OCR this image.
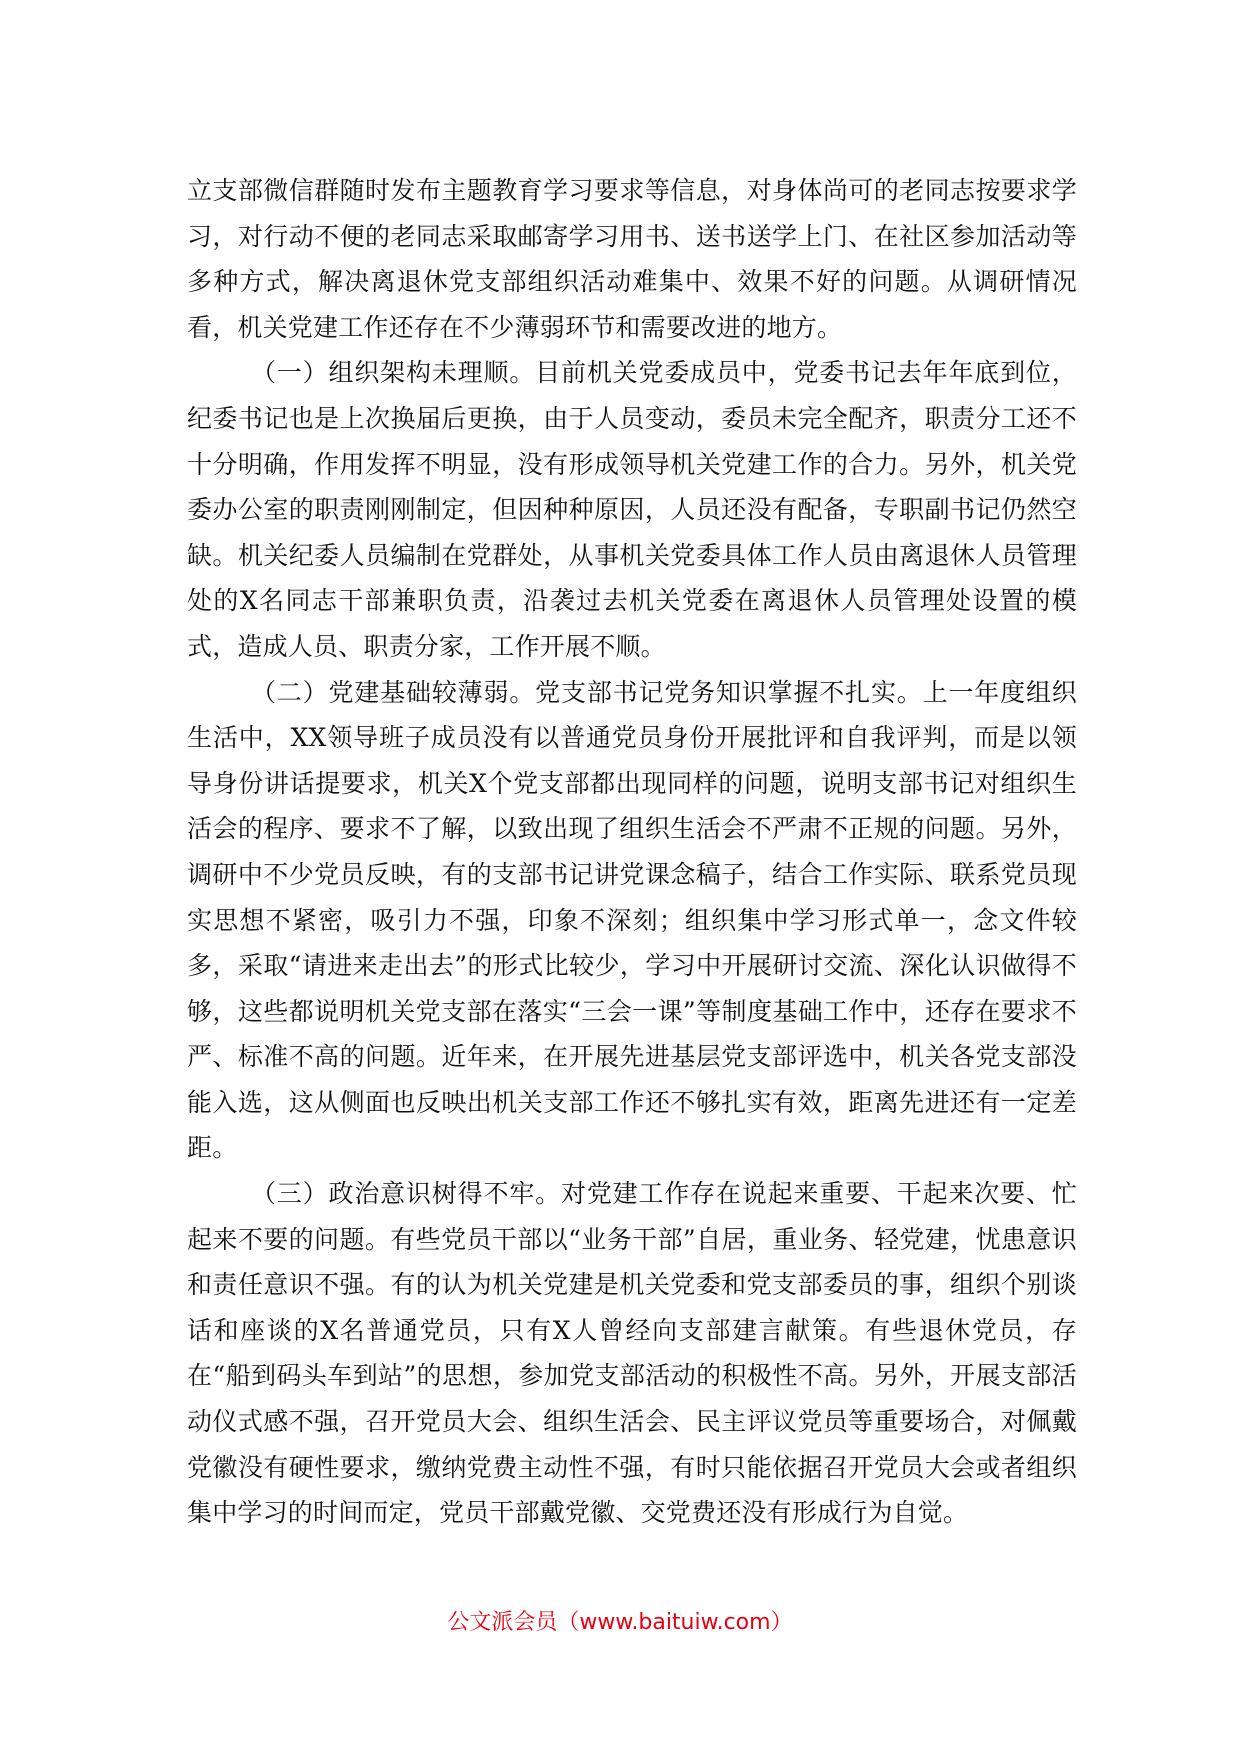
立支部微信群随时发布主题教育学习要求等信息，对身体尚可的老同志按要求学习，对行动不便的老同志采取邮寄学习用书、送书送学上门、在社区参加活动等多种方式，解决离退休党支部组织活动难集中、效果不好的问题。从调研情况看，机关党建工作还存在不少薄弱环节和需要改进的地方。

（一）组织架构未理顺。目前机关党委成员中，党委书记去年年底到位，纪委书记也是上次换届后更换，由于人员变动，委员未完全配齐，职责分工还不十分明确，作用发挥不明显，没有形成领导机关党建工作的合力。另外，机关党委办公室的职责刚刚制定，但因种种原因，人员还没有配备，专职副书记仍然空缺。机关纪委人员编制在党群处，从事机关党委具体工作人员由离退休人员管理处的X名同志干部兼职负责，沿袭过去机关党委在离退休人员管理处设置的模式，造成人员、职责分家，工作开展不顺。

（二）党建基础较薄弱。党支部书记党务知识掌握不扎实。上一年度组织生活中，XX领导班子成员没有以普通党员身份开展批评和自我评判，而是以领导身份讲话提要求，机关X个党支部都出现同样的问题，说明支部书记对组织生活会的程序、要求不了解，以致出现了组织生活会不严肃不正规的问题。另外，调研中不少党员反映，有的支部书记讲党课念稿子，结合工作实际、联系党员现实思想不紧密，吸引力不强，印象不深刻；组织集中学习形式单一，念文件较多，采取“请进来走出去”的形式比较少，学习中开展研讨交流、深化认识做得不够，这些都说明机关党支部在落实“三会一课”等制度基础工作中，还存在要求不严、标准不高的问题。近年来，在开展先进基层党支部评选中，机关各党支部没能入选，这从侧面也反映出机关支部工作还不够扎实有效，距离先进还有一定差距。

（三）政治意识树得不牢。对党建工作存在说起来重要、干起来次要、忙起来不要的问题。有些党员干部以“业务干部”自居，重业务、轻党建，忧患意识和责任意识不强。有的认为机关党建是机关党委和党支部委员的事，组织个别谈话和座谈的X名普通党员，只有X人曾经向支部建言献策。有些退休党员，存在“船到码头车到站”的思想，参加党支部活动的积极性不高。另外，开展支部活动仪式感不强，召开党员大会、组织生活会、民主评议党员等重要场合，对佩戴党徽没有硬性要求，缴纳党费主动性不强，有时只能依据召开党员大会或者组织集中学习的时间而定，党员干部戴党徽、交党费还没有形成行为自觉。

公文派会员（www.baituiw.com）
